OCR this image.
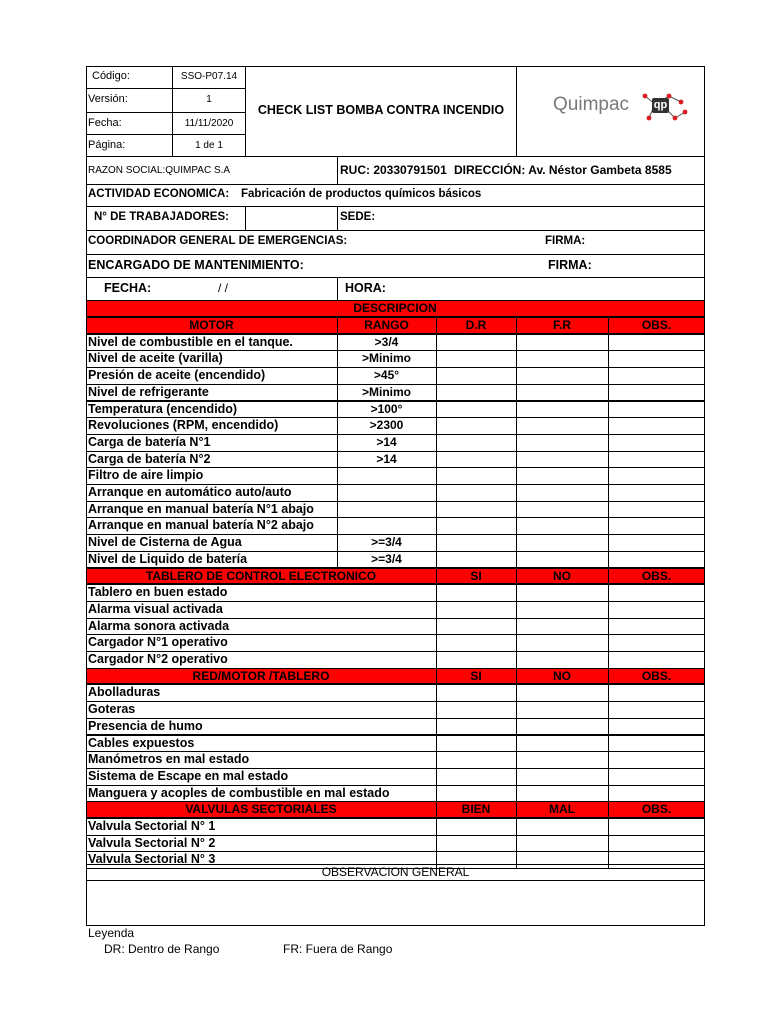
Código:	SSO-P07.14
Versión:	1
Fecha:	11/11/2020
Página:	1 de 1
CHECK LIST BOMBA CONTRA INCENDIO	Quimpac qp
RAZÓN SOCIAL:QUIMPAC S.A	RUC: 20330791501 DIRECCIÓN: Av. Néstor Gambeta 8585
ACTIVIDAD ECONÓMICA: Fabricación de productos químicos básicos
N° DE TRABAJADORES:	SEDE:
COORDINADOR GENERAL DE EMERGENCIAS:	FIRMA:
ENCARGADO DE MANTENIMIENTO:	FIRMA:
FECHA:	/ /	HORA:
DESCRIPCION
MOTOR	RANGO	D.R	F.R	OBS.
Nivel de combustible en el tanque.	>3/4
Nivel de aceite (varilla)	>Minimo
Presión de aceite (encendido)	>45°
Nivel de refrigerante	>Minimo
Temperatura (encendido)	>100°
Revoluciones (RPM, encendido)	>2300
Carga de batería N°1	>14
Carga de batería N°2	>14
Filtro de aire limpio
Arranque en automático auto/auto
Arranque en manual batería N°1 abajo
Arranque en manual batería N°2 abajo
Nivel de Cisterna de Agua	>=3/4
Nivel de Liquido de batería	>=3/4
TABLERO DE CONTROL ELECTRONICO	SI	NO	OBS.
Tablero en buen estado
Alarma visual activada
Alarma sonora activada
Cargador N°1 operativo
Cargador N°2 operativo
RED/MOTOR /TABLERO	SI	NO	OBS.
Abolladuras
Goteras
Presencia de humo
Cables expuestos
Manómetros en mal estado
Sistema de Escape en mal estado
Manguera y acoples de combustible en mal estado
VALVULAS SECTORIALES	BIEN	MAL	OBS.
Valvula Sectorial N° 1
Valvula Sectorial N° 2
Valvula Sectorial N° 3
OBSERVACION GENERAL
Leyenda
DR: Dentro de Rango	FR: Fuera de Rango
